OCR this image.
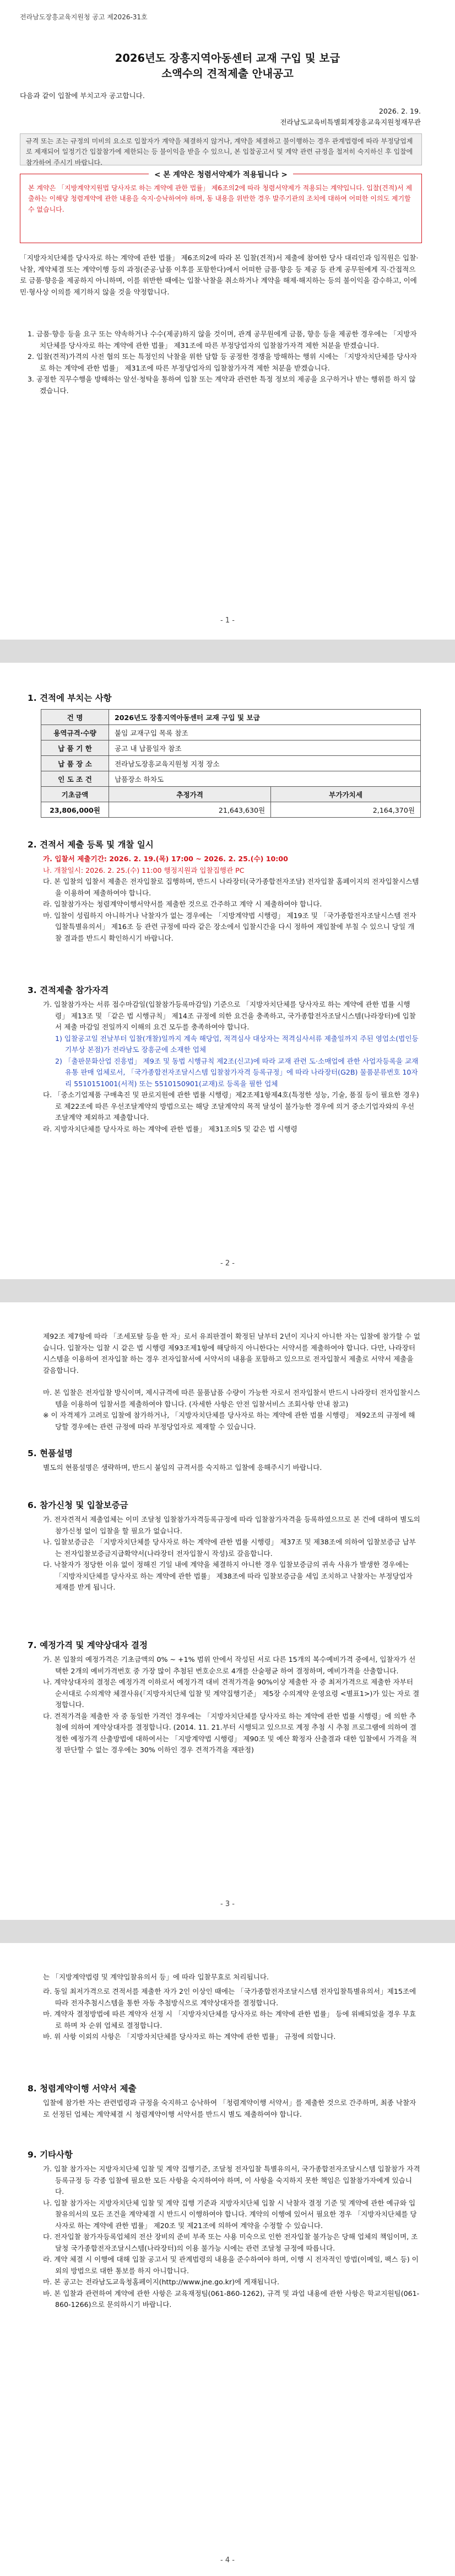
전라남도장흥교육지원청 공고 제2026-31호
2026년도 장흥지역아동센터 교재 구입 및 보급
소액수의 견적제출 안내공고
다음과 같이 입찰에 부치고자 공고합니다.
2026. 2. 19.
전라남도교육비특별회계장흥교육지원청재무관
규격 또는 조는 규정의 미비의 요소로 입찰자가 계약을 체결하지 않거나, 계약을 체결하고 불이행하는 경우 관계법령에 따라 부정당업제로 제재되어 일정기간 입찰참가에 제한되는 등 불이익을 받을 수 있으니, 본 입찰공고서 및 계약 관련 규정을 철저히 숙지하신 후 입찰에 참가하여 주시기 바랍니다.
< 본 계약은 청렴서약제가 적용됩니다 >
본 계약은 「지방계약지원법 당사자로 하는 계약에 관한 법률」 제6조의2에 따라 청렴서약제가 적용되는 계약입니다. 입찰(견적)서 제출하는 이해당 청렴계약에 관한 내용을 숙지·승낙하여야 하며, 동 내용을 위반한 경우 발주기관의 조치에 대하여 어떠한 이의도 제기할 수 없습니다.
「지방자치단체를 당사자로 하는 계약에 관한 법률」 제6조의2에 따라 본 입찰(견적)서 제출에 참여한 당사 대리인과 임직원은 입찰·낙찰, 계약체결 또는 계약이행 등의 과정(준공·납품 이후를 포함한다)에서 어떠한 금품·향응 등 제공 등 관계 공무원에게 직·간접적으로 금품·향응을 제공하지 아니하며, 이를 위반한 때에는 입찰·낙찰을 취소하거나 계약을 해제·해지하는 등의 불이익을 감수하고, 이에 민·형사상 이의를 제기하지 않을 것을 약정합니다.
1. 금품·향응 등을 요구 또는 약속하거나 수수(제공)하지 않을 것이며, 관계 공무원에게 금품, 향응 등을 제공한 경우에는 「지방자치단체를 당사자로 하는 계약에 관한 법률」 제31조에 따른 부정당업자의 입찰참가자격 제한 처분을 받겠습니다.
2. 입찰(견적)가격의 사전 협의 또는 특정인의 낙찰을 위한 담합 등 공정한 경쟁을 방해하는 행위 시에는 「지방자치단체를 당사자로 하는 계약에 관한 법률」 제31조에 따른 부정당업자의 입찰참가자격 제한 처분을 받겠습니다.
3. 공정한 직무수행을 방해하는 알선·청탁을 통하여 입찰 또는 계약과 관련한 특정 정보의 제공을 요구하거나 받는 행위를 하지 않겠습니다.
- 1 -
1. 견적에 부치는 사항
건 명	2026년도 장흥지역아동센터 교재 구입 및 보급	
용역규격·수량	붙임 교재구입 목록 참조	
납 품 기 한	공고 내 납품일자 참조	
납 품 장 소	전라남도장흥교육지원청 지정 장소	
인 도 조 건	납품장소 하차도	
기초금액	추정가격	부가가치세
23,806,000원	21,643,630원	2,164,370원
2. 견적서 제출 등록 및 개찰 일시
가. 입찰서 제출기간: 2026. 2. 19.(목) 17:00 ~ 2026. 2. 25.(수) 10:00
나. 개찰일시: 2026. 2. 25.(수) 11:00 행정지원과 입찰집행관 PC
다. 본 입찰의 입찰서 제출은 전자입찰로 집행하며, 반드시 나라장터(국가종합전자조달) 전자입찰 홈페이지의 전자입찰시스템을 이용하여 제출하여야 합니다.
라. 입찰참가자는 청렴계약이행서약서를 제출한 것으로 간주하고 계약 시 제출하여야 합니다.
마. 입찰이 성립하지 아니하거나 낙찰자가 없는 경우에는 「지방계약법 시행령」 제19조 및 「국가종합전자조달시스템 전자입찰특별유의서」 제16조 등 관련 규정에 따라 같은 장소에서 입찰시간을 다시 정하여 재입찰에 부칠 수 있으니 당일 개찰 결과를 반드시 확인하시기 바랍니다.
3. 견적제출 참가자격
가. 입찰참가자는 서류 접수마감일(입찰참가등록마감일) 기준으로 「지방자치단체를 당사자로 하는 계약에 관한 법률 시행령」 제13조 및 「같은 법 시행규칙」 제14조 규정에 의한 요건을 충족하고, 국가종합전자조달시스템(나라장터)에 입찰서 제출 마감일 전일까지 이해의 요건 모두를 충족하여야 합니다.
1) 입찰공고일 전날부터 입찰(개찰)일까지 계속 해당업, 적격심사 대상자는 적격심사서류 제출일까지 주된 영업소(법인등기부상 본점)가 전라남도 장흥군에 소재한 업체
2) 「출판문화산업 진흥법」 제9조 및 동법 시행규칙 제2조(신고)에 따라 교재 관련 도·소매업에 관한 사업자등록을 교재 유통 판매 업체로서, 「국가종합전자조달시스템 입찰참가자격 등록규정」에 따라 나라장터(G2B) 물품분류번호 10자리 5510151001(서적) 또는 5510150901(교재)로 등록을 필한 업체
다. 「중소기업제품 구매촉진 및 판로지원에 관한 법률 시행령」제2조제1항제4호(특정한 성능, 기술, 품질 등이 필요한 경우)로 제22조에 따른 우선조달계약의 방법으로는 해당 조달계약의 목적 달성이 불가능한 경우에 의거 중소기업자와의 우선조달계약 제외하고 제출합니다.
라. 지방자치단체를 당사자로 하는 계약에 관한 법률」 제31조의5 및 같은 법 시행령
- 2 -
제92조 제7항에 따라 「조세포탈 등을 한 자」로서 유죄판결이 확정된 날부터 2년이 지나지 아니한 자는 입찰에 참가할 수 없습니다. 입찰자는 입찰 시 같은 법 시행령 제93조제1항에 해당하지 아니한다는 서약서를 제출하여야 합니다. 다만, 나라장터 시스템을 이용하여 전자입찰 하는 경우 전자입찰서에 서약서의 내용을 포함하고 있으므로 전자입찰서 제출로 서약서 제출을 갈음합니다.
마. 본 입찰은 전자입찰 방식이며, 제시규격에 따른 물품납품 수량이 가능한 자로서 전자입찰서 반드시 나라장터 전자입찰시스템을 이용하여 입찰서를 제출하여야 합니다. (자세한 사항은 안전 입찰서비스 조회사항 안내 참고)
※ 이 자격제가 고려로 입찰에 참가하거나, 「지방자치단체를 당사자로 하는 계약에 관한 법률 시행령」 제92조의 규정에 해당할 경우에는 관련 규정에 따라 부정당업자로 제재할 수 있습니다.
5. 현품설명
별도의 현품설명은 생략하며, 반드시 붙임의 규격서를 숙지하고 입찰에 응해주시기 바랍니다.
6. 참가신청 및 입찰보증금
가. 전자견적서 제출업체는 이미 조달청 입찰참가자격등록규정에 따라 입찰참가자격을 등록하였으므로 본 건에 대하여 별도의 참가신청 없이 입찰을 할 필요가 없습니다.
나. 입찰보증금은 「지방자치단체를 당사자로 하는 계약에 관한 법률 시행령」 제37조 및 제38조에 의하여 입찰보증금 납부는 전자입찰보증금지급확약서(나라장터 전자입찰시 작성)로 갈음합니다.
다. 낙찰자가 정당한 이유 없이 정해진 기일 내에 계약을 체결하지 아니한 경우 입찰보증금의 귀속 사유가 발생한 경우에는 「지방자치단체를 당사자로 하는 계약에 관한 법률」 제38조에 따라 입찰보증금을 세입 조치하고 낙찰자는 부정당업자 제재를 받게 됩니다.
7. 예정가격 및 계약상대자 결정
가. 본 입찰의 예정가격은 기초금액의 0% ~ +1% 범위 안에서 작성된 서로 다른 15개의 복수예비가격 중에서, 입찰자가 선택한 2개의 예비가격번호 중 가장 많이 추첨된 번호순으로 4개를 산술평균 하여 결정하며, 예비가격을 산출합니다.
나. 계약상대자의 결정은 예정가격 이하로서 예정가격 대비 견적가격을 90%이상 제출한 자 중 최저가격으로 제출한 자부터 순서대로 수의계약 체결사유(「지방자치단체 입찰 및 계약집행기준」 제5장 수의계약 운영요령 <별표1>)가 있는 자로 결정합니다.
다. 견적가격을 제출한 자 중 동일한 가격인 경우에는 「지방자치단체를 당사자로 하는 계약에 관한 법률 시행령」에 의한 추첨에 의하여 계약상대자를 결정합니다. (2014. 11. 21.부터 시행되고 있으므로 계정 추첨 시 추첨 프로그램에 의하여 결정한 예정가격 산출방법에 대하여서는 「지방계약법 시행령」 제90조 및 예산 확정자 산출결과 대한 입찰에서 가격을 적정 판단할 수 없는 경우에는 30% 이하인 경우 견적가격을 재판정)
- 3 -
는 「지방계약법령 및 계약입찰유의서 등」에 따라 입찰무효로 처리됩니다.
라. 동일 최저가격으로 견적서를 제출한 자가 2인 이상인 때에는 「국가종합전자조달시스템 전자입찰특별유의서」제15조에 따라 전자추첨시스템을 통한 자동 추첨방식으로 계약상대자를 결정합니다.
마. 계약자 결정방법에 따른 계약자 선정 시 「지방자치단체를 당사자로 하는 계약에 관한 법률」 등에 위배되었을 경우 무효로 하며 차 순위 업체로 결정합니다.
바. 위 사항 이외의 사항은 「지방자치단체를 당사자로 하는 계약에 관한 법률」 규정에 의합니다.
8. 청렴계약이행 서약서 제출
입찰에 참가한 자는 관련법령과 규정을 숙지하고 승낙하여 「청렴계약이행 서약서」를 제출한 것으로 간주하며, 최종 낙찰자로 선정된 업체는 계약체결 시 청렴계약이행 서약서를 반드시 별도 제출하여야 합니다.
9. 기타사항
가. 입찰 참가자는 지방자치단체 입찰 및 계약 집행기준, 조달청 전자입찰 특별유의서, 국가종합전자조달시스템 입찰참가 자격등록규정 등 각종 입찰에 필요한 모든 사항을 숙지하여야 하며, 이 사항을 숙지하지 못한 책임은 입찰참가자에게 있습니다.
나. 입찰 참가자는 지방자치단체 입찰 및 계약 집행 기준과 지방자치단체 입찰 시 낙찰자 결정 기준 및 계약에 관한 예규와 입찰유의서의 모든 조건을 계약체결 시 반드시 이행하여야 합니다. 계약의 이행에 있어서 필요한 경우 「지방자치단체를 당사자로 하는 계약에 관한 법률」 제20조 및 제21조에 의하여 계약을 수정할 수 있습니다.
다. 전자입찰 참가자등록업체의 전산 장비의 준비 부족 또는 사용 미숙으로 인한 전자입찰 불가능은 당해 업체의 책임이며, 조달청 국가종합전자조달시스템(나라장터)의 이용 불가능 시에는 관련 조달청 규정에 따릅니다.
라. 계약 체결 시 이행에 대해 입찰 공고서 및 관계법령의 내용을 준수하여야 하며, 이행 시 전자적인 방법(이메일, 팩스 등) 이외의 방법으로 대한 통보를 하지 아니합니다.
마. 본 공고는 전라남도교육청홈페이지(http://www.jne.go.kr)에 게재됩니다.
바. 본 입찰과 관련하여 계약에 관한 사항은 교육재정팀(061-860-1262), 규격 및 과업 내용에 관한 사항은 학교지원팀(061-860-1266)으로 문의하시기 바랍니다.
- 4 -
